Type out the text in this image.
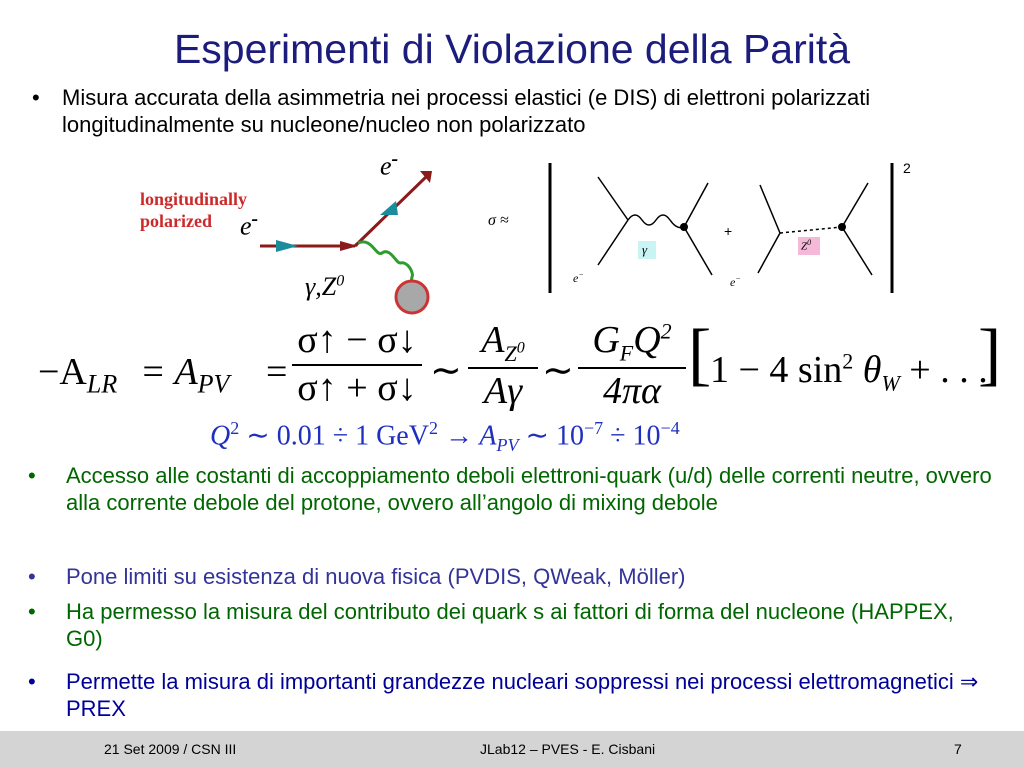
Esperimenti di Violazione della Parità
• Misura accurata della asimmetria nei processi elastici (e DIS) di elettroni polarizzati longitudinalmente su nucleone/nucleo non polarizzato
longitudinally
polarized	e-
e-
$\gamma,Z^0$
σ ≈
+
γ	$Z^0$
e−
e−
2
$-A_{LR} = A_{PV}$ =
σ↑ − σ↓
σ↑ + σ↓ ∼
$A_{Z^0}$
Aγ ∼
$G_FQ^2$
4πα [
1 − 4 $\sin^2 \theta_W$ + . . .
]
$Q^2$ ∼ 0.01 ÷ 1 $GeV^2 \to A_{PV}$ ∼ $10^{-7} \div 10^{-4}$
• Accesso alle costanti di accoppiamento deboli elettroni-quark (u/d) delle correnti neutre, ovvero alla corrente debole del protone, ovvero all’angolo di mixing debole
• Pone limiti su esistenza di nuova fisica (PVDIS, QWeak, Möller)
• Ha permesso la misura del contributo dei quark s ai fattori di forma del nucleone (HAPPEX, G0)
• Permette la misura di importanti grandezze nucleari soppressi nei processi elettromagnetici ⇒ PREX
21 Set 2009 / CSN III	JLab12 – PVES - E. Cisbani	7
